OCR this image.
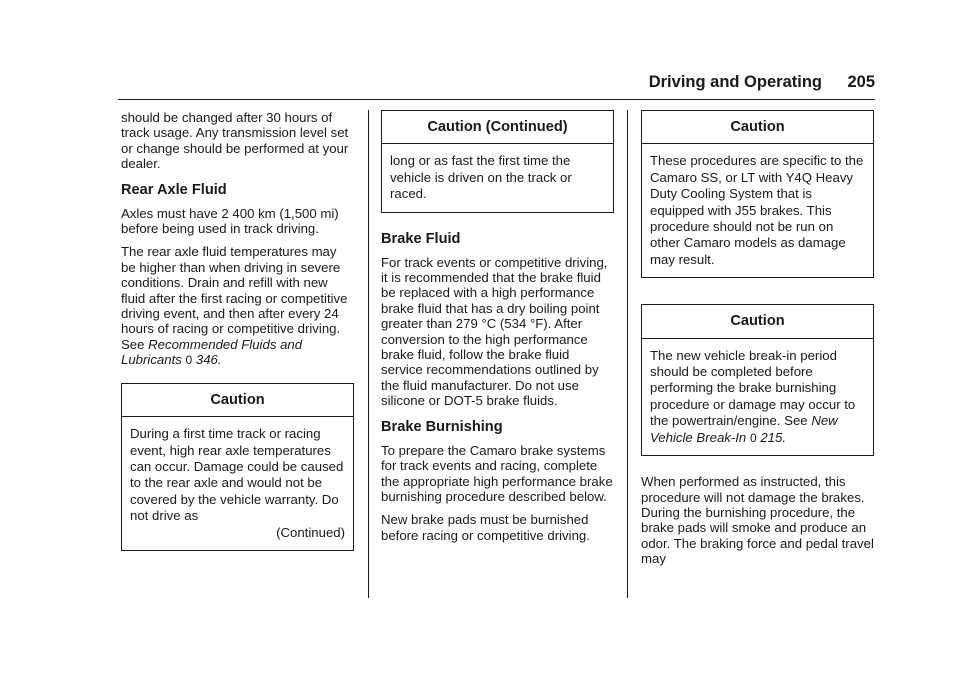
Driving and Operating	205

should be changed after 30 hours of track usage. Any transmission level set or change should be performed at your dealer.

Rear Axle Fluid

Axles must have 2 400 km (1,500 mi) before being used in track driving.

The rear axle fluid temperatures may be higher than when driving in severe conditions. Drain and refill with new fluid after the first racing or competitive driving event, and then after every 24 hours of racing or competitive driving. See Recommended Fluids and Lubricants 0 346.

Caution

During a first time track or racing event, high rear axle temperatures can occur. Damage could be caused to the rear axle and would not be covered by the vehicle warranty. Do not drive as

(Continued)

Caution (Continued)

long or as fast the first time the vehicle is driven on the track or raced.

Brake Fluid

For track events or competitive driving, it is recommended that the brake fluid be replaced with a high performance brake fluid that has a dry boiling point greater than 279 °C (534 °F). After conversion to the high performance brake fluid, follow the brake fluid service recommendations outlined by the fluid manufacturer. Do not use silicone or DOT-5 brake fluids.

Brake Burnishing

To prepare the Camaro brake systems for track events and racing, complete the appropriate high performance brake burnishing procedure described below.

New brake pads must be burnished before racing or competitive driving.

Caution

These procedures are specific to the Camaro SS, or LT with Y4Q Heavy Duty Cooling System that is equipped with J55 brakes. This procedure should not be run on other Camaro models as damage may result.

Caution

The new vehicle break-in period should be completed before performing the brake burnishing procedure or damage may occur to the powertrain/engine. See New Vehicle Break-In 0 215.

When performed as instructed, this procedure will not damage the brakes. During the burnishing procedure, the brake pads will smoke and produce an odor. The braking force and pedal travel may
